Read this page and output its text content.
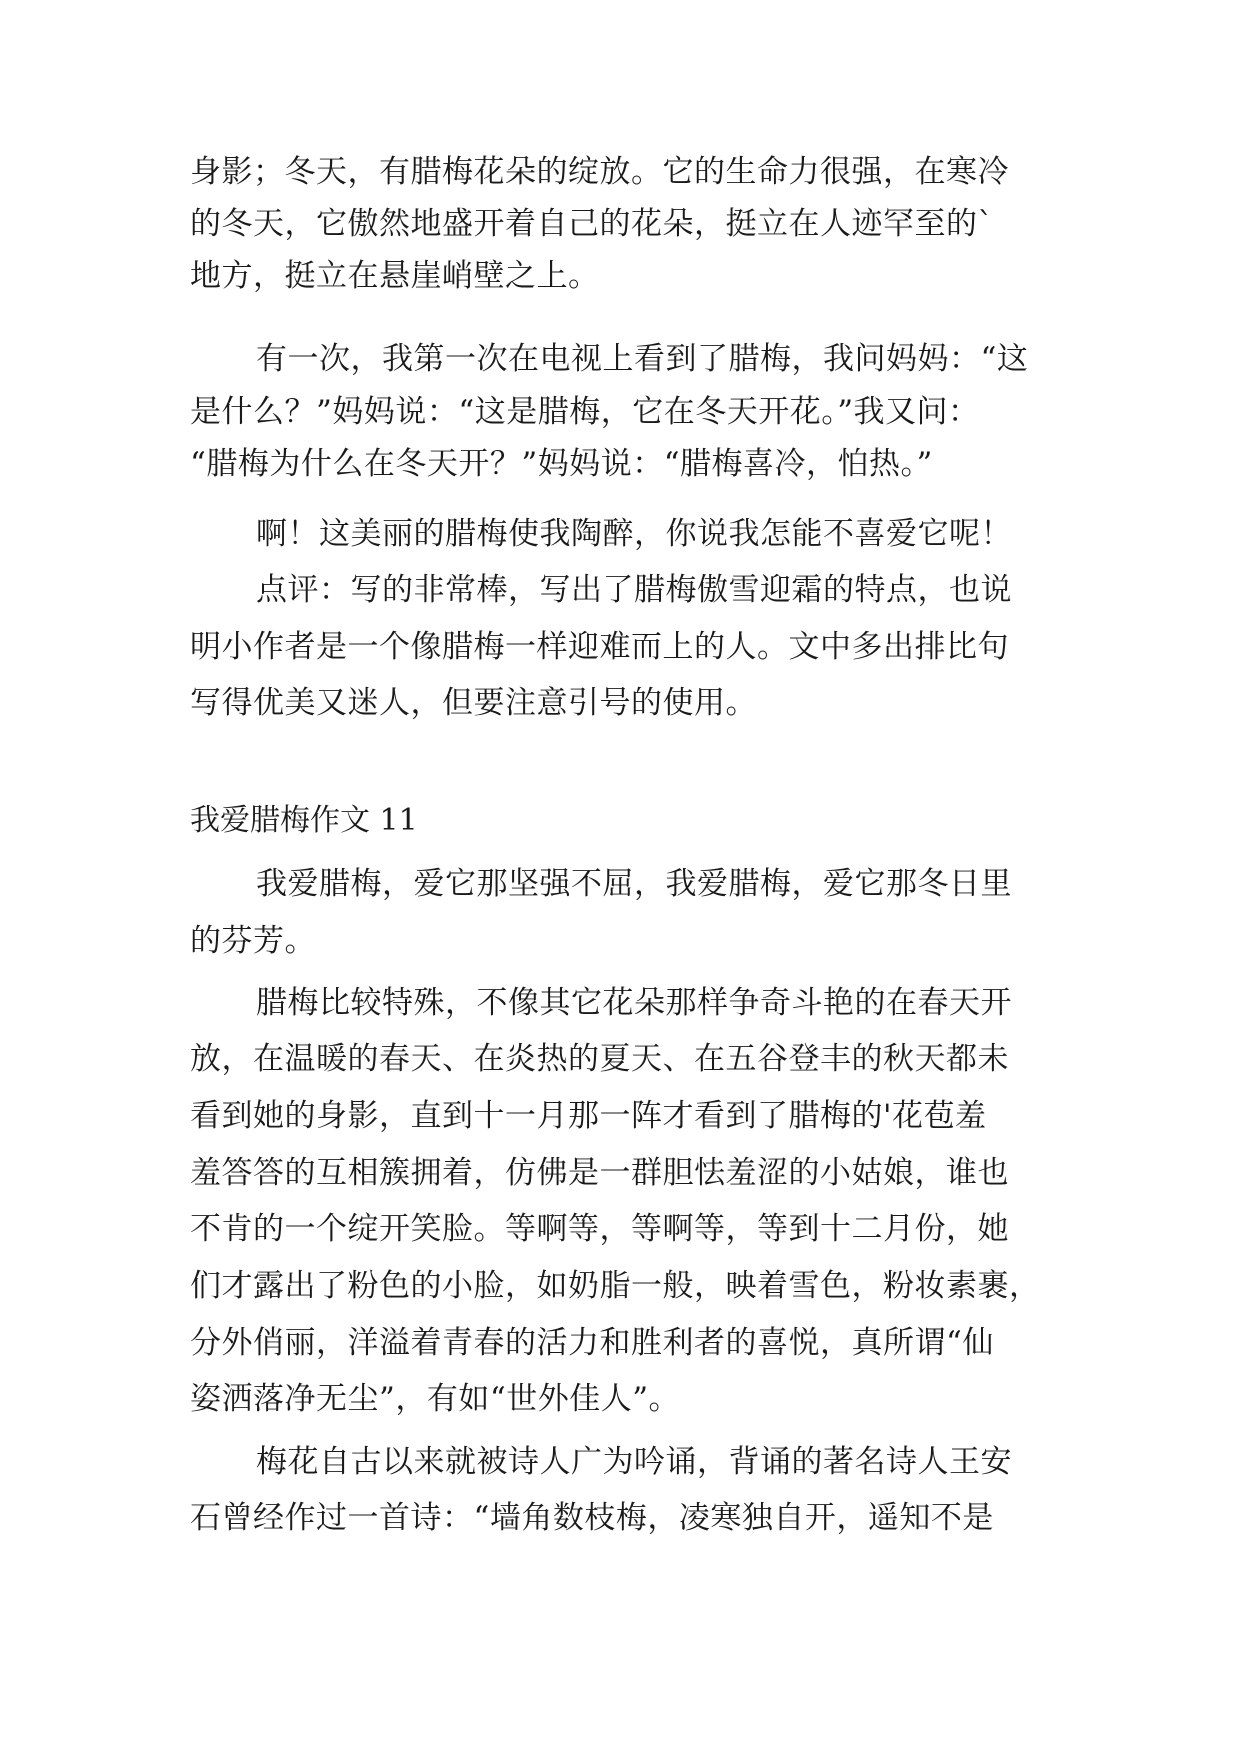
身影；冬天，有腊梅花朵的绽放。它的生命力很强，在寒冷
的冬天，它傲然地盛开着自己的花朵，挺立在人迹罕至的`
地方，挺立在悬崖峭壁之上。
有一次，我第一次在电视上看到了腊梅，我问妈妈：“这
是什么？”妈妈说：“这是腊梅，它在冬天开花。”我又问：
“腊梅为什么在冬天开？”妈妈说：“腊梅喜冷，怕热。”
啊！这美丽的腊梅使我陶醉，你说我怎能不喜爱它呢！
点评：写的非常棒，写出了腊梅傲雪迎霜的特点，也说
明小作者是一个像腊梅一样迎难而上的人。文中多出排比句
写得优美又迷人，但要注意引号的使用。
我爱腊梅作文 11
我爱腊梅，爱它那坚强不屈，我爱腊梅，爱它那冬日里
的芬芳。
腊梅比较特殊，不像其它花朵那样争奇斗艳的在春天开
放，在温暖的春天、在炎热的夏天、在五谷登丰的秋天都未
看到她的身影，直到十一月那一阵才看到了腊梅的'花苞羞
羞答答的互相簇拥着，仿佛是一群胆怯羞涩的小姑娘，谁也
不肯的一个绽开笑脸。等啊等，等啊等，等到十二月份，她
们才露出了粉色的小脸，如奶脂一般，映着雪色，粉妆素裹，
分外俏丽，洋溢着青春的活力和胜利者的喜悦，真所谓“仙
姿洒落净无尘”，有如“世外佳人”。
梅花自古以来就被诗人广为吟诵，背诵的著名诗人王安
石曾经作过一首诗：“墙角数枝梅，凌寒独自开，遥知不是
